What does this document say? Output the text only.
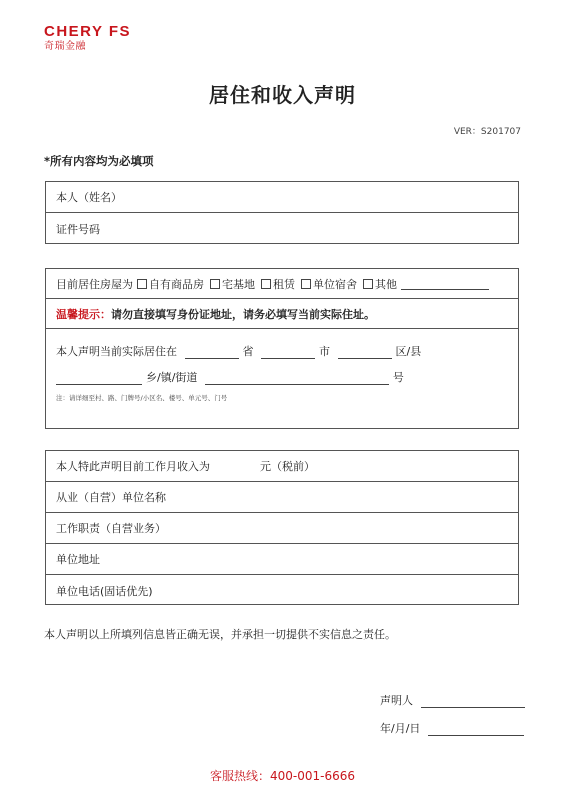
CHERY FS
奇瑞金融
居住和收入声明
VER：S201707
*所有内容均为必填项
本人（姓名）
证件号码
目前居住房屋为 自有商品房 宅基地 租赁 单位宿舍 其他
温馨提示： 请勿直接填写身份证地址，请务必填写当前实际住址。
本人声明当前实际居住在	省	市	区/县
乡/镇/街道	号
注：请详细至村、路、门牌号/小区名、楼号、单元号、门号
本人特此声明目前工作月收入为	元（税前）
从业（自营）单位名称
工作职责（自营业务）
单位地址
单位电话(固话优先)
本人声明以上所填列信息皆正确无误，并承担一切提供不实信息之责任。
声明人
年/月/日
客服热线：400-001-6666
